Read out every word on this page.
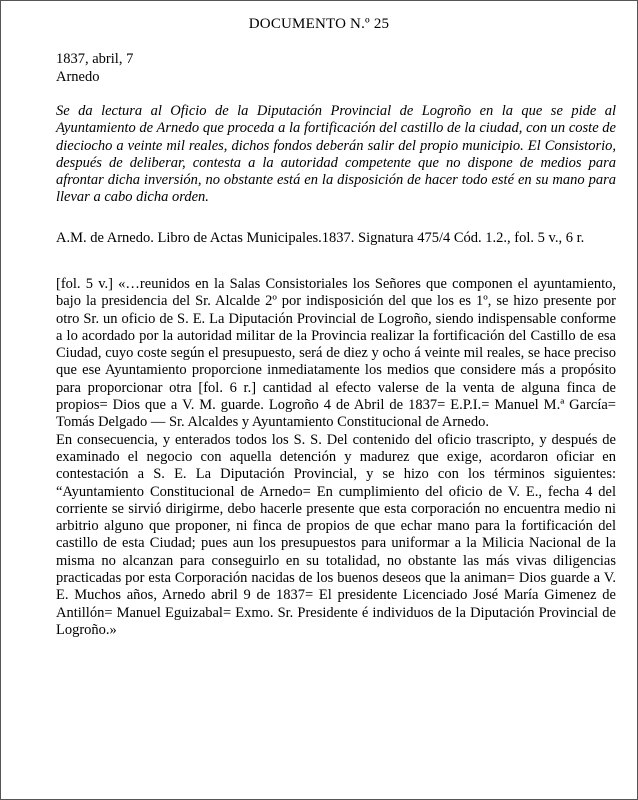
DOCUMENTO N.º 25
1837, abril, 7
Arnedo
Se da lectura al Oficio de la Diputación Provincial de Logroño en la que se pide al Ayuntamiento de Arnedo que proceda a la fortificación del castillo de la ciudad, con un coste de dieciocho a veinte mil reales, dichos fondos deberán salir del propio municipio. El Consistorio, después de deliberar, contesta a la autoridad competente que no dispone de medios para afrontar dicha inversión, no obstante está en la disposición de hacer todo esté en su mano para llevar a cabo dicha orden.
A.M. de Arnedo. Libro de Actas Municipales.1837. Signatura 475/4 Cód. 1.2., fol. 5 v., 6 r.

[fol. 5 v.] «…reunidos en la Salas Consistoriales los Señores que componen el ayuntamiento, bajo la presidencia del Sr. Alcalde 2º por indisposición del que los es 1º, se hizo presente por otro Sr. un oficio de S. E. La Diputación Provincial de Logroño, siendo indispensable conforme a lo acordado por la autoridad militar de la Provincia realizar la fortificación del Castillo de esa Ciudad, cuyo coste según el presupuesto, será de diez y ocho á veinte mil reales, se hace preciso que ese Ayuntamiento proporcione inmediatamente los medios que considere más a propósito para proporcionar otra [fol. 6 r.] cantidad al efecto valerse de la venta de alguna finca de propios= Dios que a V. M. guarde. Logroño 4 de Abril de 1837= E.P.I.= Manuel M.ª García= Tomás Delgado — Sr. Alcaldes y Ayuntamiento Constitucional de Arnedo.

En consecuencia, y enterados todos los S. S. Del contenido del oficio trascripto, y después de examinado el negocio con aquella detención y madurez que exige, acordaron oficiar en contestación a S. E. La Diputación Provincial, y se hizo con los términos siguientes: “Ayuntamiento Constitucional de Arnedo= En cumplimiento del oficio de V. E., fecha 4 del corriente se sirvió dirigirme, debo hacerle presente que esta corporación no encuentra medio ni arbitrio alguno que proponer, ni finca de propios de que echar mano para la fortificación del castillo de esta Ciudad; pues aun los presupuestos para uniformar a la Milicia Nacional de la misma no alcanzan para conseguirlo en su totalidad, no obstante las más vivas diligencias practicadas por esta Corporación nacidas de los buenos deseos que la animan= Dios guarde a V. E. Muchos años, Arnedo abril 9 de 1837= El presidente Licenciado José María Gimenez de Antillón= Manuel Eguizabal= Exmo. Sr. Presidente é individuos de la Diputación Provincial de Logroño.»
